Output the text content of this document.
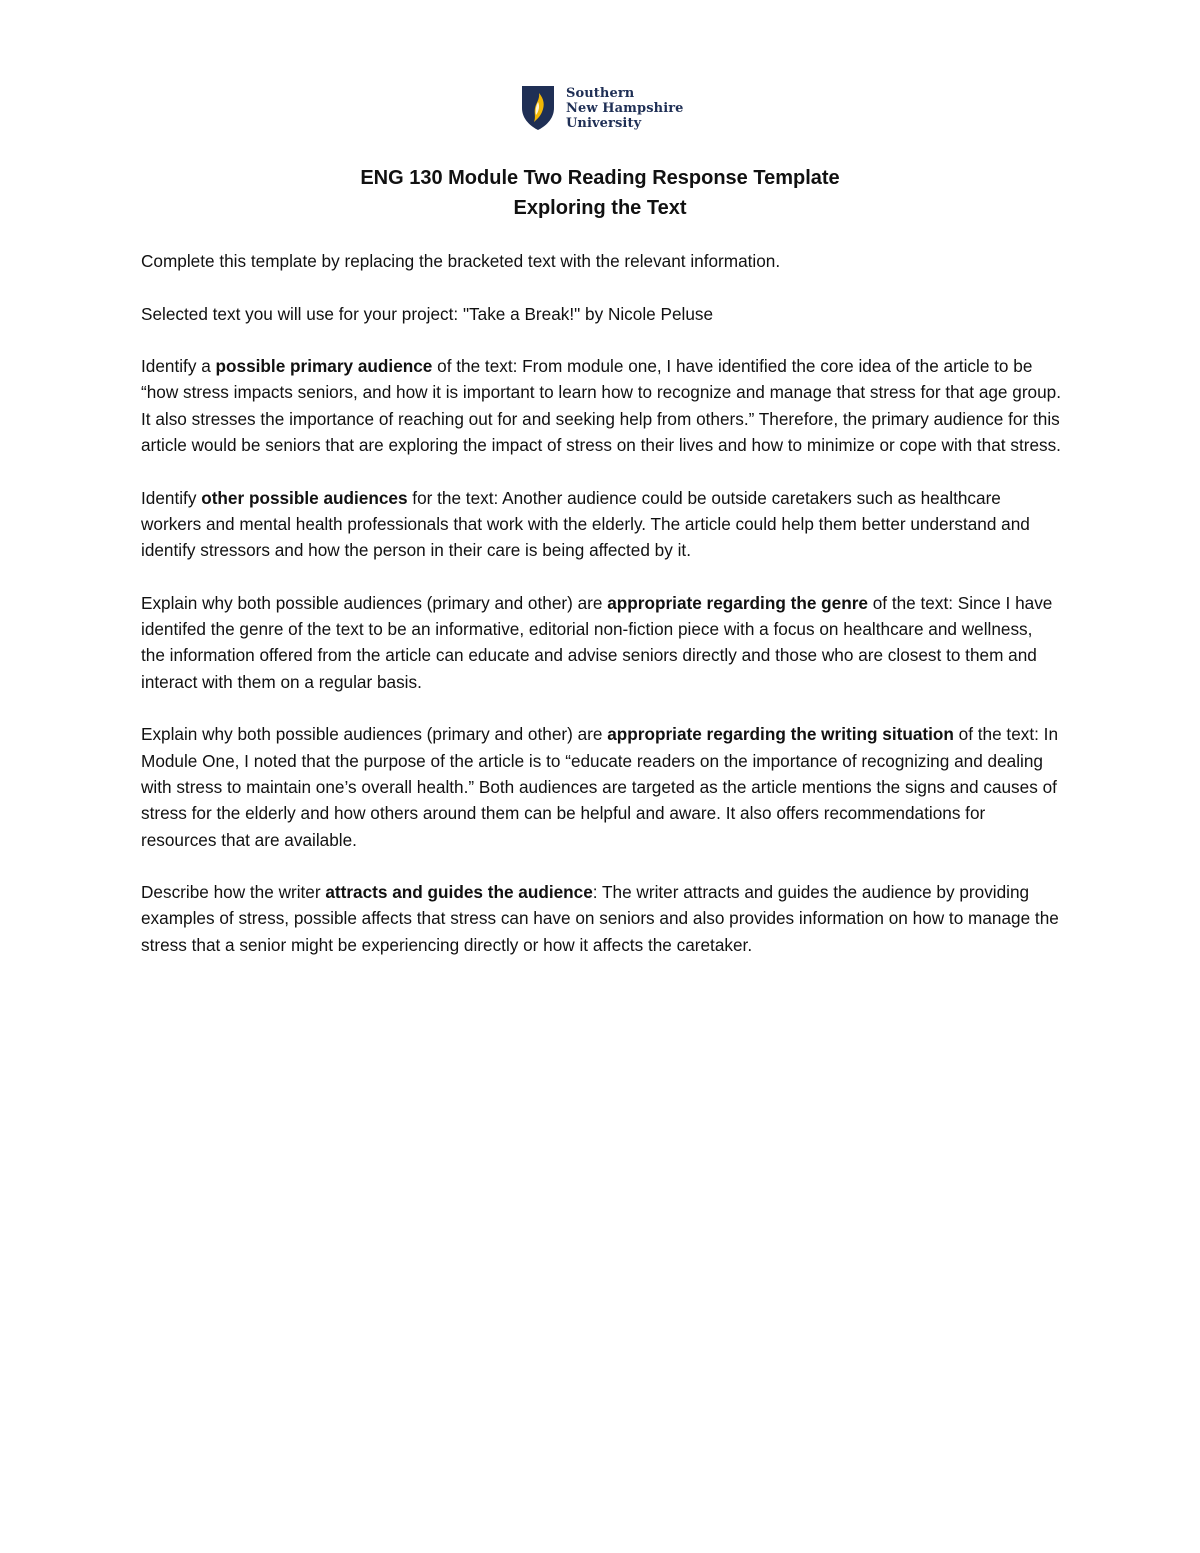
Southern
New Hampshire
University
ENG 130 Module Two Reading Response Template
Exploring the Text

Complete this template by replacing the bracketed text with the relevant information.

Selected text you will use for your project: "Take a Break!" by Nicole Peluse

Identify a possible primary audience of the text: From module one, I have identified the core idea of the article to be “how stress impacts seniors, and how it is important to learn how to recognize and manage that stress for that age group. It also stresses the importance of reaching out for and seeking help from others.” Therefore, the primary audience for this article would be seniors that are exploring the impact of stress on their lives and how to minimize or cope with that stress.

Identify other possible audiences for the text: Another audience could be outside caretakers such as healthcare workers and mental health professionals that work with the elderly. The article could help them better understand and identify stressors and how the person in their care is being affected by it.

Explain why both possible audiences (primary and other) are appropriate regarding the genre of the text: Since I have identifed the genre of the text to be an informative, editorial non-fiction piece with a focus on healthcare and wellness, the information offered from the article can educate and advise seniors directly and those who are closest to them and interact with them on a regular basis.

Explain why both possible audiences (primary and other) are appropriate regarding the writing situation of the text: In Module One, I noted that the purpose of the article is to “educate readers on the importance of recognizing and dealing with stress to maintain one’s overall health.” Both audiences are targeted as the article mentions the signs and causes of stress for the elderly and how others around them can be helpful and aware. It also offers recommendations for resources that are available.

Describe how the writer attracts and guides the audience: The writer attracts and guides the audience by providing examples of stress, possible affects that stress can have on seniors and also provides information on how to manage the stress that a senior might be experiencing directly or how it affects the caretaker.
